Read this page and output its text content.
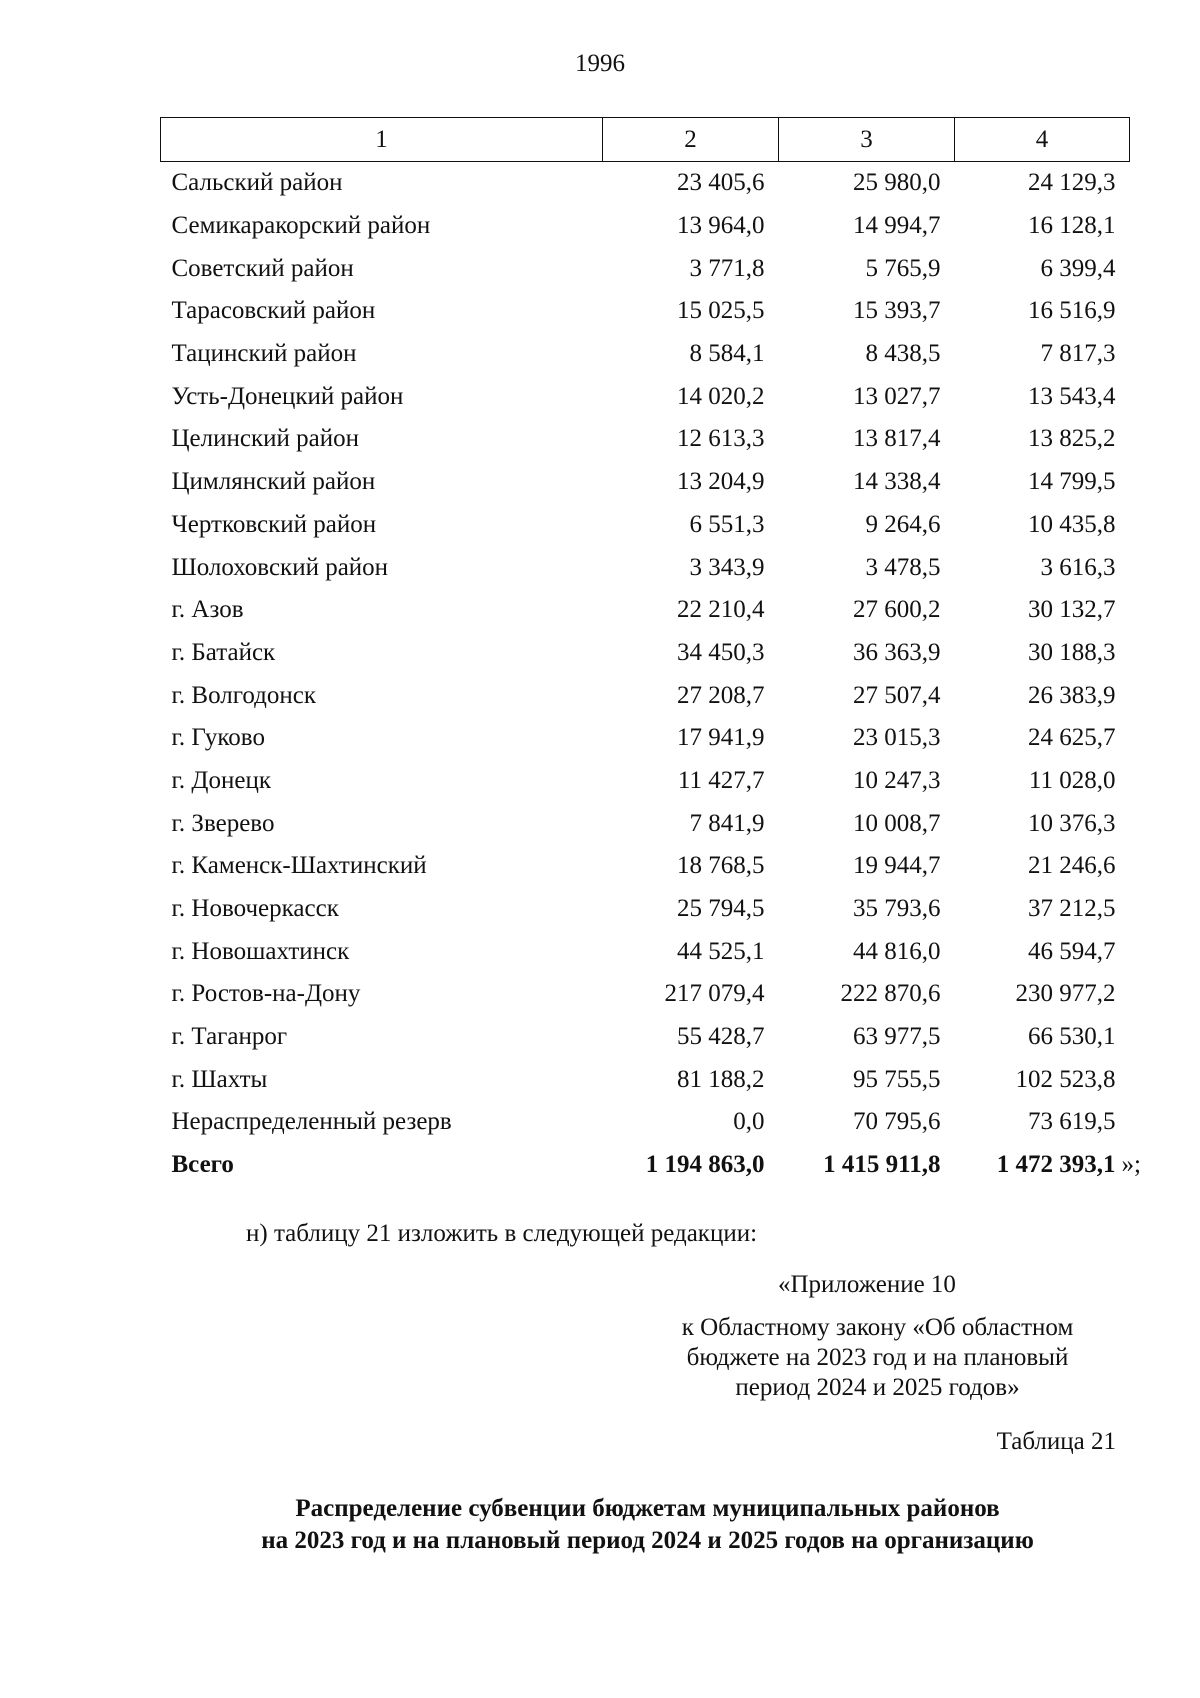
1996
1	2	3	4
Сальский район	23 405,6	25 980,0	24 129,3
Семикаракорский район	13 964,0	14 994,7	16 128,1
Советский район	3 771,8	5 765,9	6 399,4
Тарасовский район	15 025,5	15 393,7	16 516,9
Тацинский район	8 584,1	8 438,5	7 817,3
Усть-Донецкий район	14 020,2	13 027,7	13 543,4
Целинский район	12 613,3	13 817,4	13 825,2
Цимлянский район	13 204,9	14 338,4	14 799,5
Чертковский район	6 551,3	9 264,6	10 435,8
Шолоховский район	3 343,9	3 478,5	3 616,3
г. Азов	22 210,4	27 600,2	30 132,7
г. Батайск	34 450,3	36 363,9	30 188,3
г. Волгодонск	27 208,7	27 507,4	26 383,9
г. Гуково	17 941,9	23 015,3	24 625,7
г. Донецк	11 427,7	10 247,3	11 028,0
г. Зверево	7 841,9	10 008,7	10 376,3
г. Каменск-Шахтинский	18 768,5	19 944,7	21 246,6
г. Новочеркасск	25 794,5	35 793,6	37 212,5
г. Новошахтинск	44 525,1	44 816,0	46 594,7
г. Ростов-на-Дону	217 079,4	222 870,6	230 977,2
г. Таганрог	55 428,7	63 977,5	66 530,1
г. Шахты	81 188,2	95 755,5	102 523,8
Нераспределенный резерв	0,0	70 795,6	73 619,5
Всего	1 194 863,0	1 415 911,8	1 472 393,1 »;
н) таблицу 21 изложить в следующей редакции:
«Приложение 10
к Областному закону «Об областном
бюджете на 2023 год и на плановый
период 2024 и 2025 годов»
Таблица 21
Распределение субвенции бюджетам муниципальных районов
на 2023 год и на плановый период 2024 и 2025 годов на организацию
